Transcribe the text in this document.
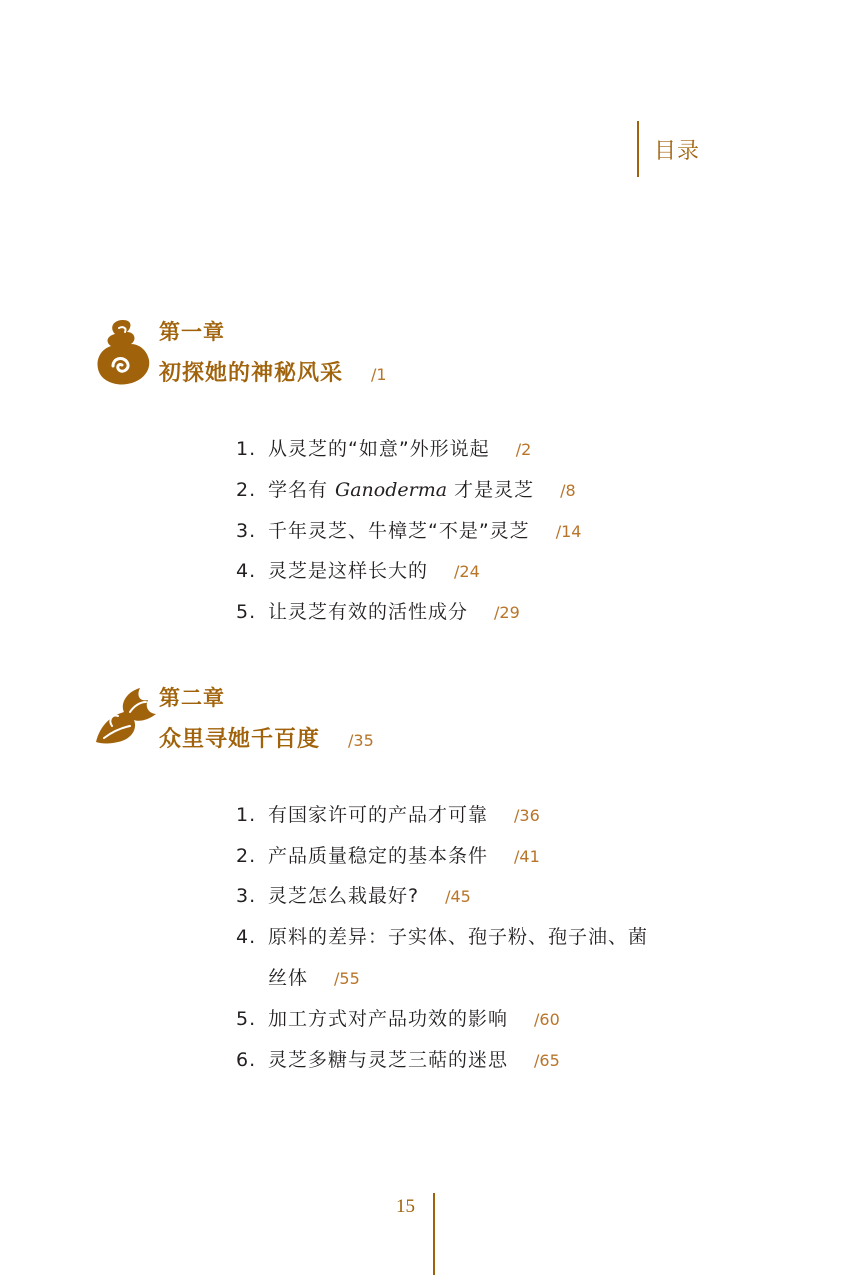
目录
第一章
初探她的神秘风采 /1
1. 从灵芝的“如意”外形说起 /2
2. 学名有 Ganoderma 才是灵芝 /8
3. 千年灵芝、牛樟芝“不是”灵芝 /14
4. 灵芝是这样长大的 /24
5. 让灵芝有效的活性成分 /29
第二章
众里寻她千百度 /35
1. 有国家许可的产品才可靠 /36
2. 产品质量稳定的基本条件 /41
3. 灵芝怎么栽最好? /45
4. 原料的差异：子实体、孢子粉、孢子油、菌
丝体 /55
5. 加工方式对产品功效的影响 /60
6. 灵芝多糖与灵芝三萜的迷思 /65
15
